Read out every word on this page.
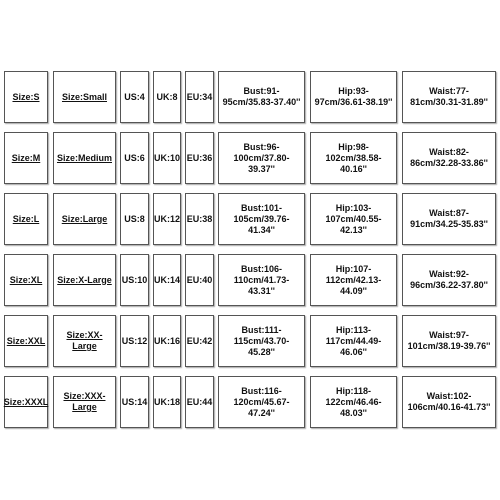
Size:S Size:Small US:4 UK:8 EU:34
Bust:91-95cm/35.83-37.40''
Hip:93-97cm/36.61-38.19''
Waist:77-81cm/30.31-31.89''
Size:M Size:Medium US:6 UK:10 EU:36
Bust:96-100cm/37.80-39.37''
Hip:98-102cm/38.58-40.16''
Waist:82-86cm/32.28-33.86''
Size:L Size:Large US:8 UK:12 EU:38
Bust:101-105cm/39.76-41.34''
Hip:103-107cm/40.55-42.13''
Waist:87-91cm/34.25-35.83''
Size:XL Size:X-Large US:10 UK:14 EU:40
Bust:106-110cm/41.73-43.31''
Hip:107-112cm/42.13-44.09''
Waist:92-96cm/36.22-37.80''
Size:XXL
Size:XX-Large
US:12 UK:16 EU:42
Bust:111-115cm/43.70-45.28''
Hip:113-117cm/44.49-46.06''
Waist:97-101cm/38.19-39.76''
Size:XXXL
Size:XXX-Large
US:14 UK:18 EU:44
Bust:116-120cm/45.67-47.24''
Hip:118-122cm/46.46-48.03''
Waist:102-106cm/40.16-41.73''
